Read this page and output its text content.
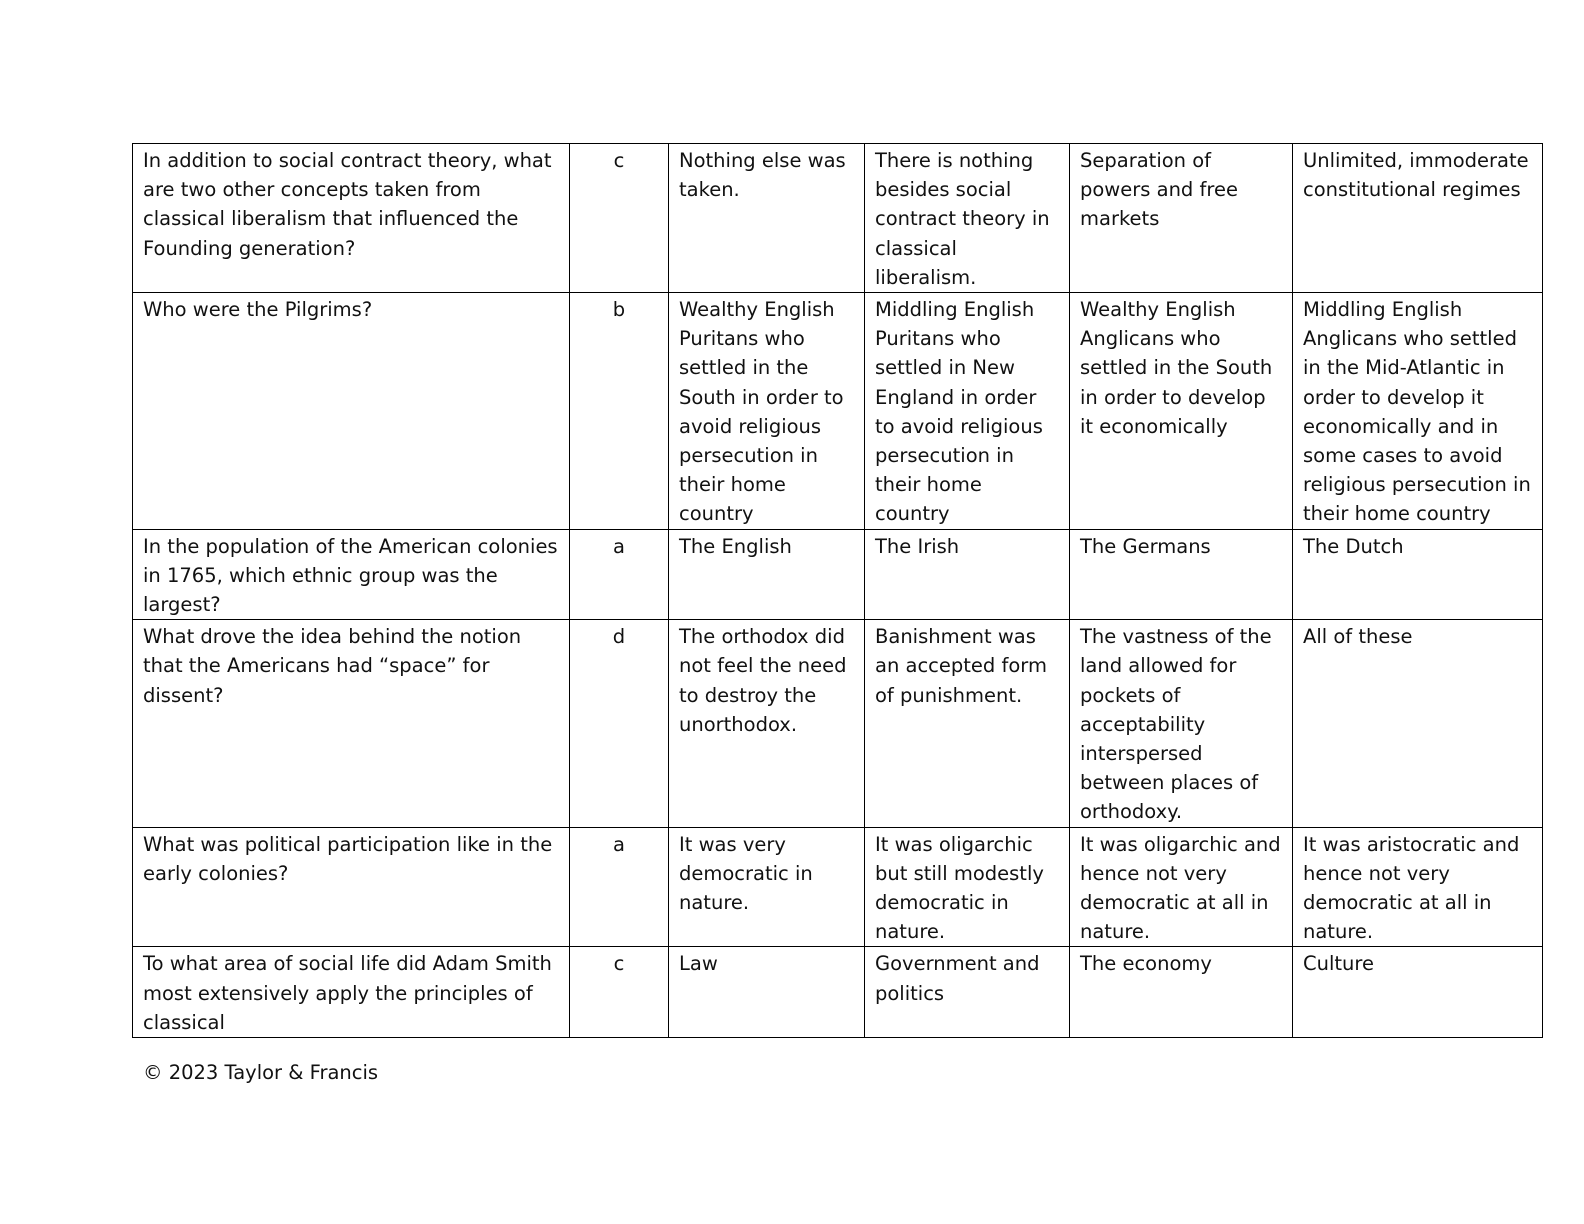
In addition to social contract theory, what are two other concepts taken from classical liberalism that influenced the Founding generation?	c	Nothing else was taken.	There is nothing besides social contract theory in classical liberalism.	Separation of powers and free markets	Unlimited, immoderate constitutional regimes

Who were the Pilgrims?	b	Wealthy English Puritans who settled in the South in order to avoid religious persecution in their home country	Middling English Puritans who settled in New England in order to avoid religious persecution in their home country	Wealthy English Anglicans who settled in the South in order to develop it economically	Middling English Anglicans who settled in the Mid-Atlantic in order to develop it economically and in some cases to avoid religious persecution in their home country

In the population of the American colonies in 1765, which ethnic group was the largest?	a	The English	The Irish	The Germans	The Dutch

What drove the idea behind the notion that the Americans had “space” for dissent?	d	The orthodox did not feel the need to destroy the unorthodox.	Banishment was an accepted form of punishment.	The vastness of the land allowed for pockets of acceptability interspersed between places of orthodoxy.	All of these

What was political participation like in the early colonies?	a	It was very democratic in nature.	It was oligarchic but still modestly democratic in nature.	It was oligarchic and hence not very democratic at all in nature.	It was aristocratic and hence not very democratic at all in nature.

To what area of social life did Adam Smith most extensively apply the principles of classical	c	Law	Government and politics	The economy	Culture
© 2023 Taylor & Francis
